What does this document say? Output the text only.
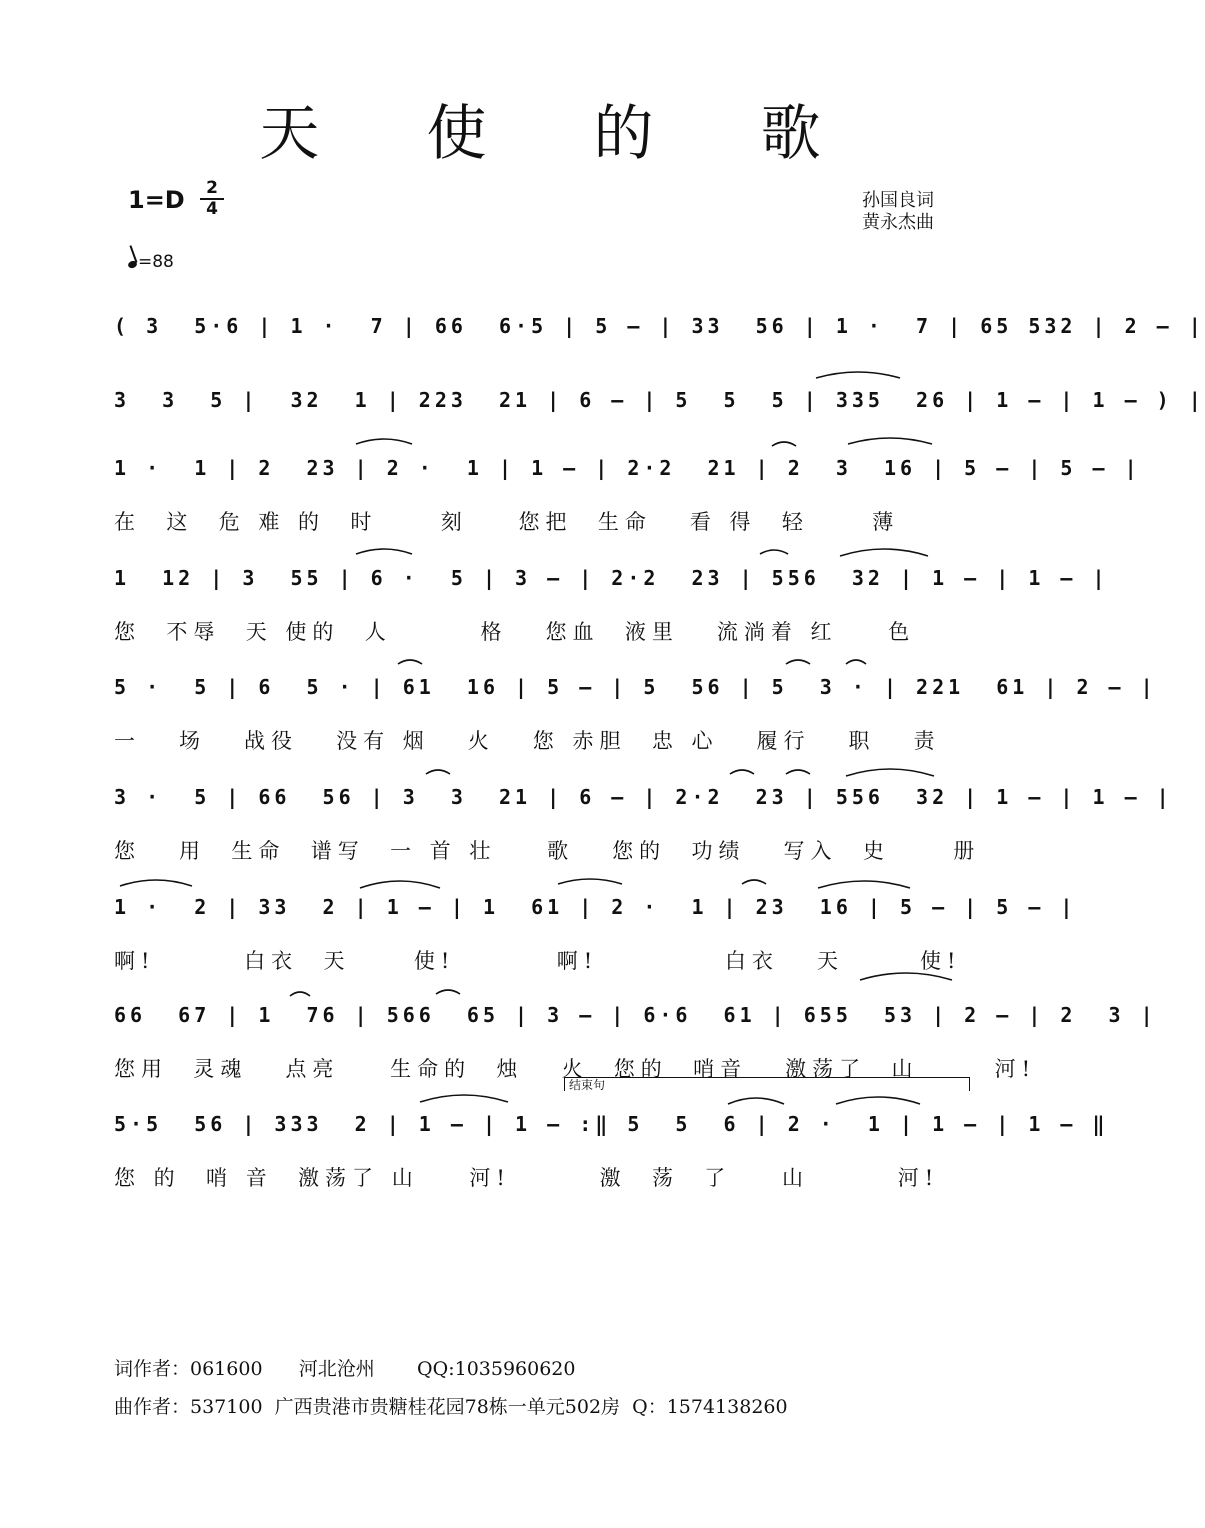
天 使 的 歌
1=D	2
4
=88
孙国良词
黄永杰曲
( 3  5·6 | 1 ·  7 | 66  6·5 | 5 – | 33  56 | 1 ·  7 | 65 532 | 2 – |
3  3  5 |  32  1 | 223  21 | 6 – | 5  5  5 | 335  26 | 1 – | 1 – ) |
1 ·  1 | 2  23 | 2 ·  1 | 1 – | 2·2  21 | 2  3  16 | 5 – | 5 – |
在  这  危 难 的  时     刻    您把  生命   看 得  轻     薄
1  12 | 3  55 | 6 ·  5 | 3 – | 2·2  23 | 556  32 | 1 – | 1 – |
您  不辱  天 使的  人       格   您血  液里   流淌着 红    色
5 ·  5 | 6  5 · | 61  16 | 5 – | 5  56 | 5  3 · | 221  61 | 2 – |
一   场   战役   没有 烟   火   您 赤胆  忠 心   履行   职   责
3 ·  5 | 66  56 | 3  3  21 | 6 – | 2·2  23 | 556  32 | 1 – | 1 – |
您   用  生命  谱写  一 首 壮    歌   您的  功绩   写入  史     册
1 ·  2 | 33  2 | 1 – | 1  61 | 2 ·  1 | 23  16 | 5 – | 5 – |
啊!       白衣  天     使!        啊!          白衣   天      使!
66  67 | 1  76 | 566  65 | 3 – | 6·6  61 | 655  53 | 2 – | 2  3 |
您用  灵魂   点亮    生命的  烛   火  您的  哨音   激荡了  山      河!
结束句
5·5  56 | 333  2 | 1 – | 1 – :‖ 5  5  6 | 2 ·  1 | 1 – | 1 – ‖
您 的  哨 音  激荡了 山    河!       激  荡  了    山       河!
词作者：061600      河北沧州       QQ:1035960620
曲作者：537100  广西贵港市贵糖桂花园78栋一单元502房  Q：1574138260
